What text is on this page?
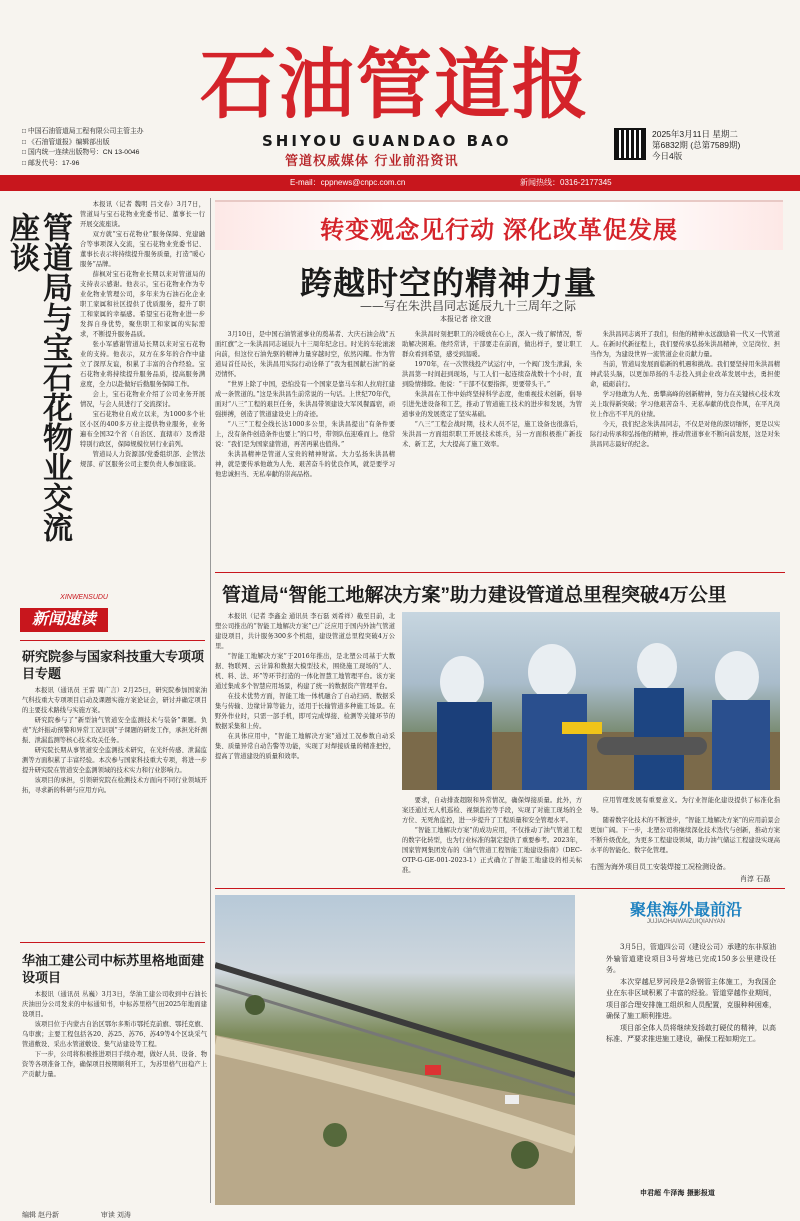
石油管道报
SHIYOU GUANDAO BAO
管道权威媒体 行业前沿资讯
□ 中国石油管道局工程有限公司主管主办
□ 《石油管道报》编辑部出版
□ 国内统一连续出版物号：CN 13-0046
□ 邮发代号：17-96
2025年3月11日 星期二
第6832期 (总第7589期)
今日4版
E-mail：cppnews@cnpc.com.cn	新闻热线：0316-2177345
管道局与宝石花物业交流座谈

本报讯（记者 魏明 吕文春）3月7日，管道局与宝石花物业党委书记、董事长一行开展交流座谈。

双方就“宝石花物业”服务保障、党建融合等事项深入交流，宝石花物业党委书记、董事长表示将持续提升服务质量，打造“暖心服务”品牌。

薛枫对宝石花物业长期以来对管道局的支持表示感谢。他表示，宝石花物业作为专业化物业管理公司，多年来为石油石化企业职工家属和社区提供了优质服务，提升了职工和家属的幸福感。希望宝石花物业进一步发挥自身优势，聚焦职工和家属的实际需求，不断提升服务品质。

张小军感谢管道局长期以来对宝石花物业的支持。他表示，双方在多年的合作中建立了深厚友谊，积累了丰富的合作经验。宝石花物业将持续提升服务品质，提高服务满意度，全力以赴做好后勤服务保障工作。

会上，宝石花物业介绍了公司业务开展情况，与会人员进行了交流探讨。

宝石花物业自成立以来，为1000多个社区小区的400多万业主提供物业服务，业务遍布全国32个省（自治区、直辖市）及香港特别行政区，保障规模位居行业前列。

管道局人力资源部/党委组织部、企管法规部、矿区服务公司主要负责人参加座谈。

XINWENSUDU
新闻速读
研究院参与国家科技重大专项项目专题

本报讯（通讯员 王雷 周广言）2月25日，研究院参加国家油气科技重大专项项目启动及课题实施方案论证会，研讨并确定项目的主要技术路线与实施方案。

研究院参与了“新型油气管道安全监测技术与装备”课题。负责“光纤振动预警和异常工况识别”子课题的研发工作，承担光纤测振、泄漏监测等核心技术攻关任务。

研究院长期从事管道安全监测技术研究，在光纤传感、泄漏监测等方面积累了丰富经验。本次参与国家科技重大专项，将进一步提升研究院在管道安全监测领域的技术实力和行业影响力。

该项目的承担，引领研究院在检测技术方面向不同行业领域开拓，寻求新的科研与应用方向。

华油工建公司中标苏里格地面建设项目

本报讯（通讯员 丛巍）3月3日，华油工建公司收到中石油长庆油田分公司发来的中标通知书，中标苏里格气田2025年地面建设项目。

该项目位于内蒙古自治区鄂尔多斯市鄂托克前旗、鄂托克旗、乌审旗；主要工程包括各20、苏25、苏76、苏49等4个区块采气管道敷设、采出水管道敷设、集气站建设等工程。

下一步，公司将积极推进项目手续办理，做好人员、设备、物资等各项准备工作，确保项目按期顺利开工，为苏里格气田稳产上产贡献力量。

转变观念见行动 深化改革促发展
跨越时空的精神力量
——写在朱洪昌同志诞辰九十三周年之际
本报记者 徐文澄

3月10日，是中国石油管道事业的奠基者、大庆石油会战“五面红旗”之一朱洪昌同志诞辰九十三周年纪念日。时光的车轮滚滚向前，但这位石油先驱的精神力量穿越时空，依然闪耀。作为管道局首任局长，朱洪昌用实际行动诠释了“我为祖国献石油”的豪迈情怀。

“世界上除了中国，恐怕没有一个国家是靠马车和人拉肩扛建成一条管道的。”这是朱洪昌生前常说的一句话。上世纪70年代，面对“八三”工程的艰巨任务，朱洪昌带领建设大军风餐露宿，顽强拼搏，创造了管道建设史上的奇迹。

“八三”工程全线长达1000多公里，朱洪昌提出“有条件要上，没有条件创造条件也要上”的口号，带领队伍迎难而上。他常说：“我们是为国家建管道，再苦再累也值得。”

朱洪昌精神是管道人宝贵的精神财富。大力弘扬朱洪昌精神，就是要传承他敢为人先、艰苦奋斗的优良作风，就是要学习他忠诚担当、无私奉献的崇高品格。

朱洪昌时刻把职工的冷暖放在心上，深入一线了解情况，帮助解决困难。他经常讲，干部要走在前面，做出样子，要让职工群众看到希望，感受到温暖。

1970年，在一次管线投产试运行中，一个阀门发生泄漏，朱洪昌第一时间赶到现场，与工人们一起连续奋战数十个小时，直到险情排除。他说：“干部不仅要指挥，更要带头干。”

朱洪昌在工作中始终坚持科学态度，他重视技术创新，倡导引进先进设备和工艺，推动了管道施工技术的进步和发展，为管道事业的发展奠定了坚实基础。

“八三”工程会战时期，技术人员不足，施工设备也很落后，朱洪昌一方面组织职工开展技术练兵，另一方面积极推广新技术、新工艺，大大提高了施工效率。

朱洪昌同志离开了我们，但他的精神永远激励着一代又一代管道人。在新时代新征程上，我们要传承弘扬朱洪昌精神，立足岗位、担当作为，为建设世界一流管道企业贡献力量。

当前，管道局发展面临新的机遇和挑战。我们要坚持用朱洪昌精神武装头脑，以更加昂扬的斗志投入到企业改革发展中去，勇担使命，砥砺前行。

学习他敢为人先、勇攀高峰的创新精神，努力在关键核心技术攻关上取得新突破；学习他艰苦奋斗、无私奉献的优良作风，在平凡岗位上作出不平凡的业绩。

今天，我们纪念朱洪昌同志，不仅是对他的深切缅怀，更是以实际行动传承和弘扬他的精神，推动管道事业不断向前发展，这是对朱洪昌同志最好的纪念。

管道局“智能工地解决方案”助力建设管道总里程突破4万公里

本报讯（记者 李鑫金 通讯员 李石磊 刘希祥）截至目前，北塑公司推出的“智能工地解决方案”已广泛应用于国内外油气管道建设项目，共计服务300多个机组，建设管道总里程突破4万公里。

“智能工地解决方案”于2016年推出，是北塑公司基于大数据、物联网、云计算和数据大模型技术，围绕施工现场的“人、机、料、法、环”等环节打造的一体化智慧工地管理平台。该方案通过集成多个智慧应用场景，构建了统一的数据资产管理平台。

在技术优势方面，智能工地一体机融合了自动扫码、数据采集与传输、边缘计算等能力，适用于长输管道多种施工场景。在野外作业时，只需一部手机，即可完成焊接、检测等关键环节的数据采集和上传。

在具体应用中，“智能工地解决方案”通过工况参数自动采集、质量异常自动告警等功能，实现了对焊接质量的精准把控，提高了管道建设的质量和效率。

要求，自动排查超限和异常情况，确保焊接质量。此外，方案还通过无人机巡检、视频监控等手段，实现了对施工现场的全方位、无死角监控，进一步提升了工程质量和安全管理水平。

“智能工地解决方案”的成功应用，不仅推动了油气管道工程的数字化转型，也为行业标准的制定提供了重要参考。2023年，国家管网集团发布的《油气管道工程智能工地建设指南》（DEC-OTP-G-GE-001-2023-1）正式确立了智能工地建设的相关标准。

应用管理发展有重要意义。为行业智能化建设提供了标准化指导。

随着数字化技术的不断进步，“智能工地解决方案”的应用前景会更加广阔。下一步，北塑公司将继续深化技术迭代与创新，推动方案不断升级优化，为更多工程建设领域，助力油气储运工程建设实现高水平的智能化、数字化管理。

右图为海外项目员工安装焊接工况检测设备。
肖淳 石磊
聚焦海外最前沿
JUJIAOHAIWAIZUIQIANYAN

3月5日，管道四公司（建设公司）承建的东非原油外输管道建设项目3号营地已完成150多公里建设任务。

本次穿越尼罗河段是2条钢管主体施工，为我国企业在东非区域积累了丰富的经验。管道穿越作业期间，项目部合理安排施工组织和人员配置，克服种种困难，确保了施工顺利推进。

项目部全体人员将继续发扬敢打硬仗的精神，以高标准、严要求推进施工建设，确保工程如期完工。

申君超 牛泽海 摄影报道
编辑 赵丹新	审读 刘涛
